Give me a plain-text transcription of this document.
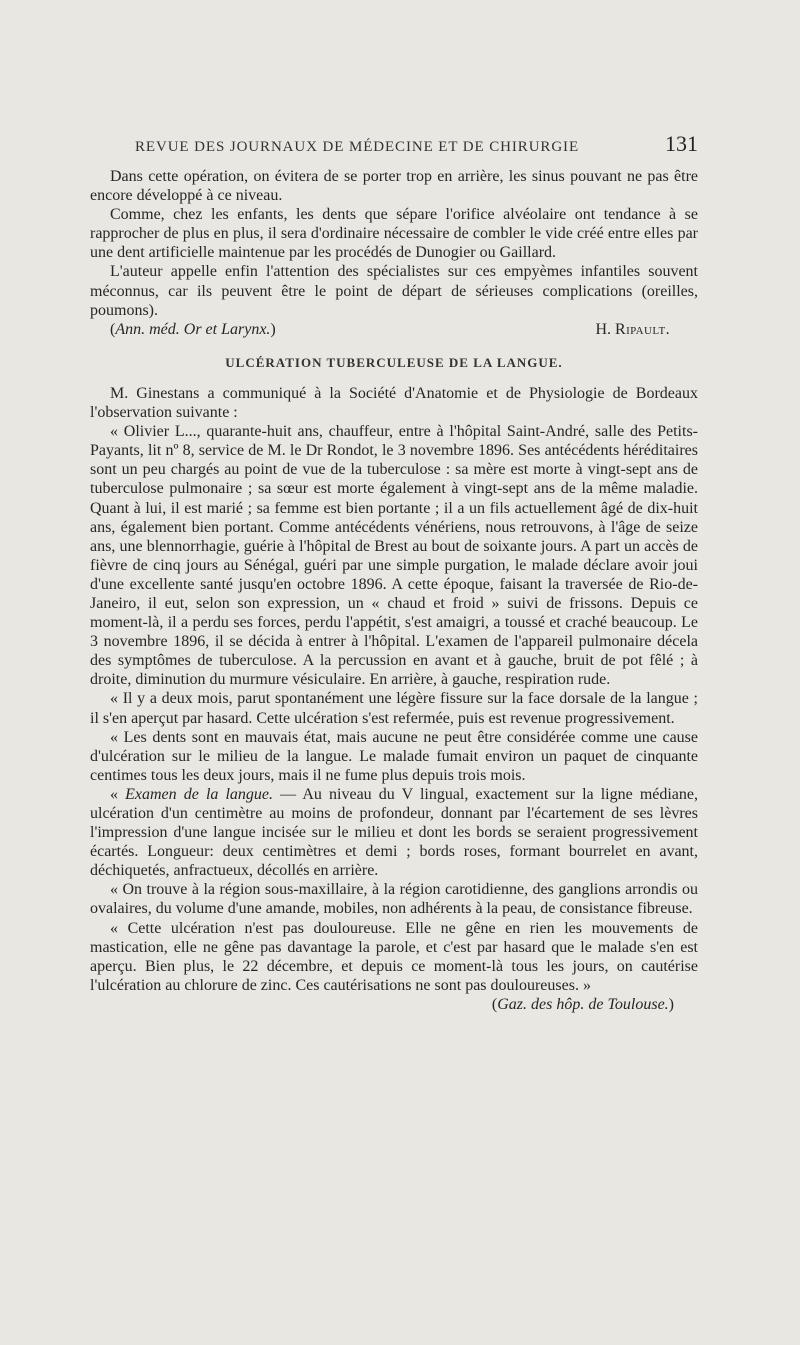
REVUE DES JOURNAUX DE MÉDECINE ET DE CHIRURGIE	131

Dans cette opération, on évitera de se porter trop en arrière, les sinus pouvant ne pas être encore développé à ce niveau.

Comme, chez les enfants, les dents que sépare l'orifice alvéolaire ont tendance à se rapprocher de plus en plus, il sera d'ordinaire nécessaire de combler le vide créé entre elles par une dent artificielle maintenue par les procédés de Dunogier ou Gaillard.

L'auteur appelle enfin l'attention des spécialistes sur ces empyèmes infantiles souvent méconnus, car ils peuvent être le point de départ de sérieuses complications (oreilles, poumons).

(Ann. méd. Or et Larynx.)	H. Ripault.
ULCÉRATION TUBERCULEUSE DE LA LANGUE.

M. Ginestans a communiqué à la Société d'Anatomie et de Physiologie de Bordeaux l'observation suivante :

« Olivier L..., quarante-huit ans, chauffeur, entre à l'hôpital Saint-André, salle des Petits-Payants, lit nº 8, service de M. le Dr Rondot, le 3 novembre 1896. Ses antécédents héréditaires sont un peu chargés au point de vue de la tuberculose : sa mère est morte à vingt-sept ans de tuberculose pulmonaire ; sa sœur est morte également à vingt-sept ans de la même maladie. Quant à lui, il est marié ; sa femme est bien portante ; il a un fils actuellement âgé de dix-huit ans, également bien portant. Comme antécédents vénériens, nous retrouvons, à l'âge de seize ans, une blennorrhagie, guérie à l'hôpital de Brest au bout de soixante jours. A part un accès de fièvre de cinq jours au Sénégal, guéri par une simple purgation, le malade déclare avoir joui d'une excellente santé jusqu'en octobre 1896. A cette époque, faisant la traversée de Rio-de-Janeiro, il eut, selon son expression, un « chaud et froid » suivi de frissons. Depuis ce moment-là, il a perdu ses forces, perdu l'appétit, s'est amaigri, a toussé et craché beaucoup. Le 3 novembre 1896, il se décida à entrer à l'hôpital. L'examen de l'appareil pulmonaire décela des symptômes de tuberculose. A la percussion en avant et à gauche, bruit de pot fêlé ; à droite, diminution du murmure vésiculaire. En arrière, à gauche, respiration rude.

« Il y a deux mois, parut spontanément une légère fissure sur la face dorsale de la langue ; il s'en aperçut par hasard. Cette ulcération s'est refermée, puis est revenue progressivement.

« Les dents sont en mauvais état, mais aucune ne peut être considérée comme une cause d'ulcération sur le milieu de la langue. Le malade fumait environ un paquet de cinquante centimes tous les deux jours, mais il ne fume plus depuis trois mois.

« Examen de la langue. — Au niveau du V lingual, exactement sur la ligne médiane, ulcération d'un centimètre au moins de profondeur, donnant par l'écartement de ses lèvres l'impression d'une langue incisée sur le milieu et dont les bords se seraient progressivement écartés. Longueur: deux centimètres et demi ; bords roses, formant bourrelet en avant, déchiquetés, anfractueux, décollés en arrière.

« On trouve à la région sous-maxillaire, à la région carotidienne, des ganglions arrondis ou ovalaires, du volume d'une amande, mobiles, non adhérents à la peau, de consistance fibreuse.

« Cette ulcération n'est pas douloureuse. Elle ne gêne en rien les mouvements de mastication, elle ne gêne pas davantage la parole, et c'est par hasard que le malade s'en est aperçu. Bien plus, le 22 décembre, et depuis ce moment-là tous les jours, on cautérise l'ulcération au chlorure de zinc. Ces cautérisations ne sont pas douloureuses. »

(Gaz. des hôp. de Toulouse.)
